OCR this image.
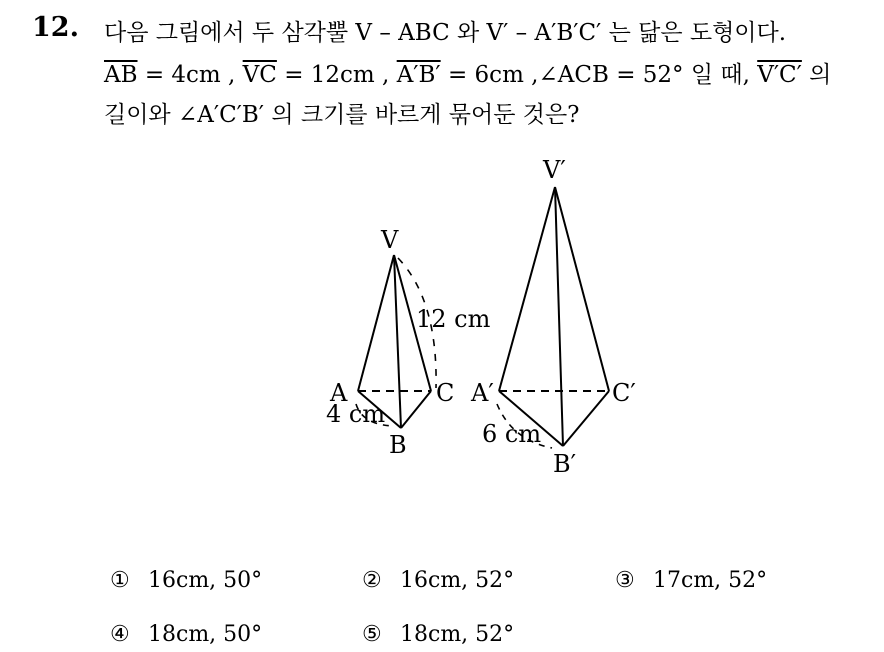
12. 다음 그림에서 두 삼각뿔 V – ABC 와 V′ – A′B′C′ 는 닮은 도형이다.
$\overline{AB} = 4cm$ , $\overline{VC} = 12cm$ , A′B′ = 6cm ,∠ACB = 52° 일 때, V′C′ 의
길이와 ∠A′C′B′ 의 크기를 바르게 묶어둔 것은?
V
A	C
B
12 cm
4 cm
V′
A′	C′
B′
6 cm
① 16cm, 50°	② 16cm, 52°	③ 17cm, 52°
④ 18cm, 50°	⑤ 18cm, 52°
